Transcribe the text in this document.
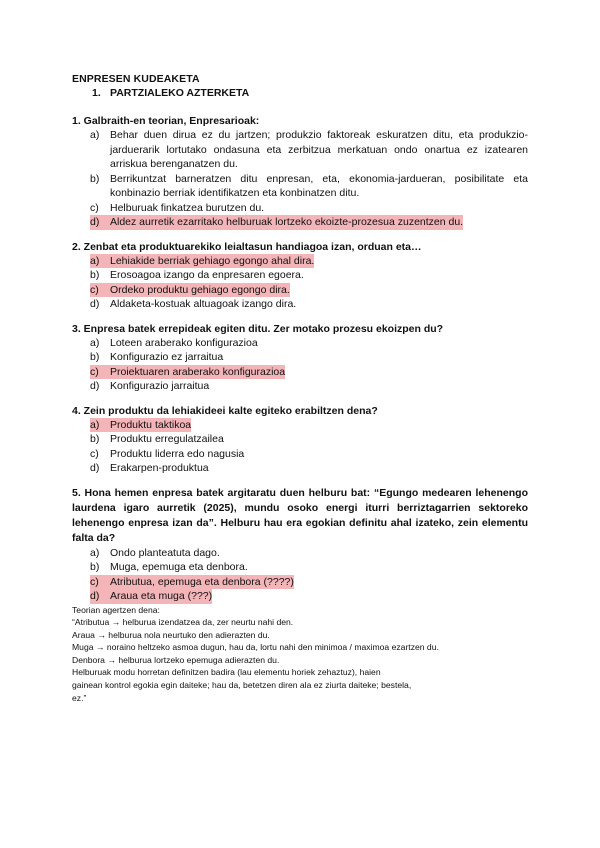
ENPRESEN KUDEAKETA

1. PARTZIALEKO AZTERKETA

1. Galbraith-en teorian, Enpresarioak:

a) Behar duen dirua ez du jartzen; produkzio faktoreak eskuratzen ditu, eta produkzio-jarduerarik lortutako ondasuna eta zerbitzua merkatuan ondo onartua ez izatearen arriskua berenganatzen du.
b) Berrikuntzat barneratzen ditu enpresan, eta, ekonomia-jardueran, posibilitate eta konbinazio berriak identifikatzen eta konbinatzen ditu.
c) Helburuak finkatzea burutzen du.
d) Aldez aurretik ezarritako helburuak lortzeko ekoizte-prozesua zuzentzen du.

2. Zenbat eta produktuarekiko leialtasun handiagoa izan, orduan eta…

a) Lehiakide berriak gehiago egongo ahal dira.
b) Erosoagoa izango da enpresaren egoera.
c) Ordeko produktu gehiago egongo dira.
d) Aldaketa-kostuak altuagoak izango dira.

3. Enpresa batek errepideak egiten ditu. Zer motako prozesu ekoizpen du?

a) Loteen araberako konfigurazioa
b) Konfigurazio ez jarraitua
c) Proiektuaren araberako konfigurazioa
d) Konfigurazio jarraitua

4. Zein produktu da lehiakideei kalte egiteko erabiltzen dena?

a) Produktu taktikoa
b) Produktu erregulatzailea
c) Produktu liderra edo nagusia
d) Erakarpen-produktua

5. Hona hemen enpresa batek argitaratu duen helburu bat: “Egungo medearen lehenengo laurdena igaro aurretik (2025), mundu osoko energi iturri berriztagarrien sektoreko lehenengo enpresa izan da”. Helburu hau era egokian definitu ahal izateko, zein elementu falta da?

a) Ondo planteatuta dago.
b) Muga, epemuga eta denbora.
c) Atributua, epemuga eta denbora (????)
d) Araua eta muga (???)

Teorian agertzen dena:

“Atributua → helburua izendatzea da, zer neurtu nahi den.

Araua → helburua nola neurtuko den adierazten du.

Muga → noraino heltzeko asmoa dugun, hau da, lortu nahi den minimoa / maximoa ezartzen du.

Denbora → helburua lortzeko epemuga adierazten du.

Helburuak modu horretan definitzen badira (lau elementu horiek zehaztuz), haien

gainean kontrol egokia egin daiteke; hau da, betetzen diren ala ez ziurta daiteke; bestela,

ez.”
